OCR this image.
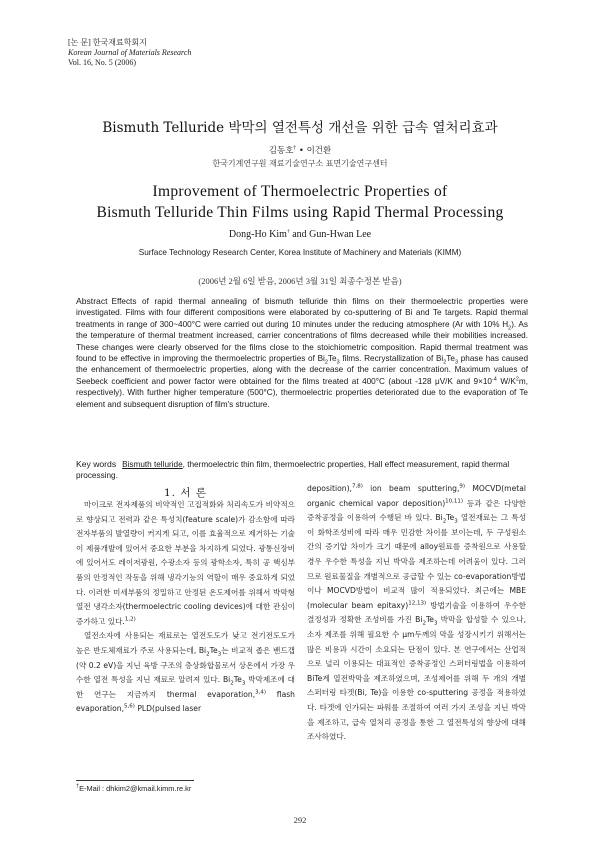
[논 문] 한국재료학회지
Korean Journal of Materials Research
Vol. 16, No. 5 (2006)
Bismuth Telluride 박막의 열전특성 개선을 위한 급속 열처리효과
김동호† • 이건환
한국기계연구원 재료기술연구소 표면기술연구센터
Improvement of Thermoelectric Properties of
Bismuth Telluride Thin Films using Rapid Thermal Processing
Dong-Ho Kim† and Gun-Hwan Lee
Surface Technology Research Center, Korea Institute of Machinery and Materials (KIMM)
(2006년 2월 6일 받음, 2006년 3월 31일 최종수정본 받음)
Abstract Effects of rapid thermal annealing of bismuth telluride thin films on their thermoelectric properties were investigated. Films with four different compositions were elaborated by co-sputtering of Bi and Te targets. Rapid thermal treatments in range of 300~400°C were carried out during 10 minutes under the reducing atmosphere (Ar with 10% $H_2$). As the temperature of thermal treatment increased, carrier concentrations of films decreased while their mobilities increased. These changes were clearly observed for the films close to the stoichiometric composition. Rapid thermal treatment was found to be effective in improving the thermoelectric properties of $Bi_2Te_3$ films. Recrystallization of $Bi_2Te_3$ phase has caused the enhancement of thermoelectric properties, along with the decrease of the carrier concentration. Maximum values of Seebeck coefficient and power factor were obtained for the films treated at 400°C (about -128 μV/K and $9\times 10^{-4}$ $W/K^2m$, respectively). With further higher temperature (500°C), thermoelectric properties deteriorated due to the evaporation of Te element and subsequent disruption of film's structure.
Key words Bismuth telluride, thermoelectric thin film, thermoelectric properties, Hall effect measurement, rapid thermal processing.
1. 서 론

마이크로 전자제품의 비약적인 고집적화와 처리속도가 비약적으로 향상되고 전력과 같은 특성치(feature scale)가 감소함에 따라 전자부품의 발열량이 커지게 되고, 이를 효율적으로 제거하는 기술이 제품개발에 있어서 중요한 부분을 차지하게 되었다. 광통신장비에 있어서도 레이저광원, 수광소자 등의 광학소자, 특히 공 핵심부품의 안정적인 작동을 위해 냉각기능의 역할이 매우 중요하게 되었다. 이러한 미세부품의 정밀하고 안정된 온도제어를 위해서 박막형 열전 냉각소자(thermoelectric cooling devices)에 대한 관심이 증가하고 있다.$^{1,2)}$

열전소자에 사용되는 재료로는 열전도도가 낮고 전기전도도가 높은 반도체재료가 주로 사용되는데, $Bi_2Te_3$는 비교적 좁은 밴드갭(약 0.2 eV)을 지닌 육방 구조의 층상화합물로서 상온에서 가장 우수한 열전 특성을 지닌 재료로 알려져 있다. $Bi_2Te_3$ 박막제조에 대한 연구는 지금까지 thermal evaporation,$^{3,4)}$ flash evaporation,$^{5,6)}$ PLD(pulsed laser

deposition),$^{7,8)}$ ion beam sputtering,$^{9)}$ MOCVD(metal organic chemical vapor deposition)$^{10,11)}$ 등과 같은 다양한 증착공정을 이용하여 수행된 바 있다. $Bi_2Te_3$ 열전재료는 그 특성이 화학조성비에 따라 매우 민감한 차이를 보이는데, 두 구성원소간의 증기압 차이가 크기 때문에 alloy원료를 증착원으로 사용할 경우 우수한 특성을 지닌 박막을 제조하는데 어려움이 있다. 그러므로 원료물질을 개별적으로 공급할 수 있는 co-evaporation방법이나 MOCVD방법이 비교적 많이 적용되었다. 최근에는 MBE (molecular beam epitaxy)$^{12,13)}$ 방법기술을 이용하여 우수한 결정성과 정확한 조성비를 가진 $Bi_2Te_3$ 박막을 합성할 수 있으나, 소자 제조를 위해 필요한 수 μm두께의 막을 성장시키기 위해서는 많은 비용과 시간이 소요되는 단점이 있다. 본 연구에서는 산업적으로 널리 이용되는 대표적인 증착공정인 스퍼터링법을 이용하여 BiTe계 열전박막을 제조하였으며, 조성제어를 위해 두 개의 개별 스퍼터링 타겟(Bi, Te)을 이용한 co-sputtering 공정을 적용하였다. 타겟에 인가되는 파워를 조절하여 여러 가지 조성을 지닌 박막을 제조하고, 급속 열처리 공정을 통한 그 열전특성의 향상에 대해 조사하였다.

†E-Mail : dhkim2@kmail.kimm.re.kr
292
